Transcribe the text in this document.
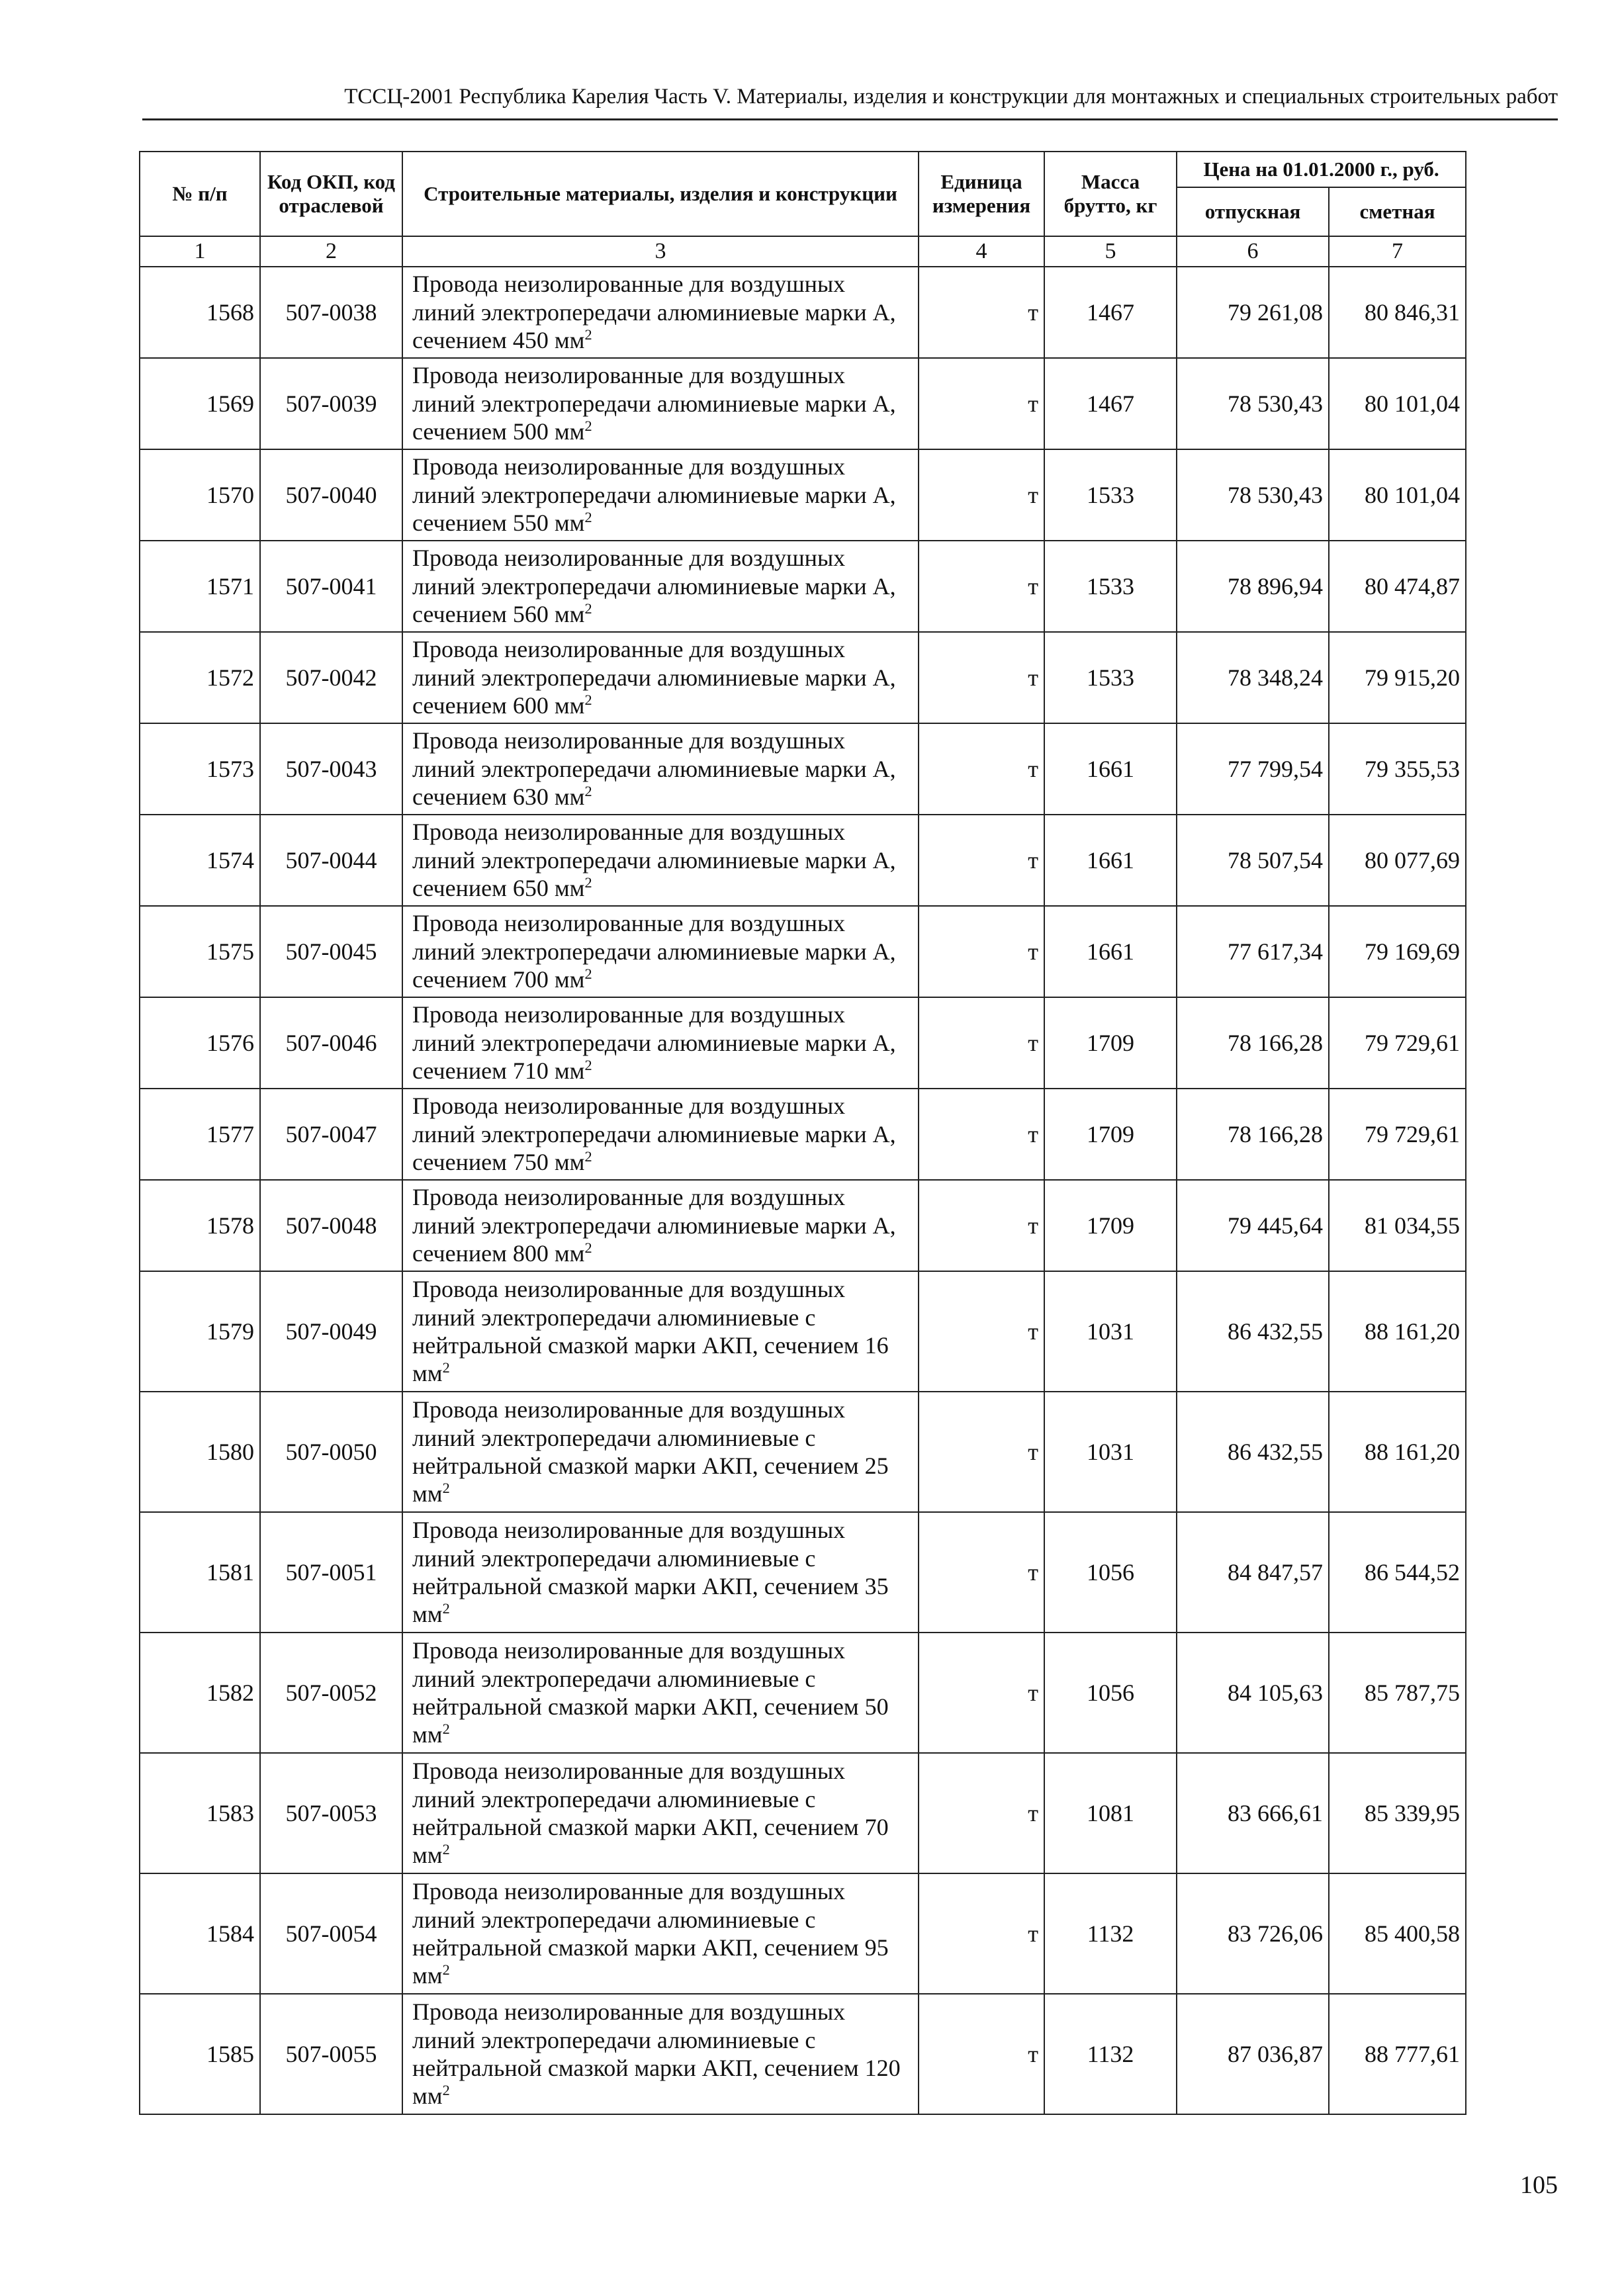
ТССЦ-2001 Республика Карелия Часть V. Материалы, изделия и конструкции для монтажных и специальных строительных работ
№ п/п	Код ОКП, код отраслевой	Строительные материалы, изделия и конструкции	Единица измерения	Масса брутто, кг	Цена на 01.01.2000 г., руб.	
					отпускная	сметная
1	2	3	4	5	6	7
1568	507-0038	Провода неизолированные для воздушных линий электропередачи алюминиевые марки А, сечением 450 $мм^2$	т	1467	79 261,08	80 846,31
1569	507-0039	Провода неизолированные для воздушных линий электропередачи алюминиевые марки А, сечением 500 $мм^2$	т	1467	78 530,43	80 101,04
1570	507-0040	Провода неизолированные для воздушных линий электропередачи алюминиевые марки А, сечением 550 $мм^2$	т	1533	78 530,43	80 101,04
1571	507-0041	Провода неизолированные для воздушных линий электропередачи алюминиевые марки А, сечением 560 $мм^2$	т	1533	78 896,94	80 474,87
1572	507-0042	Провода неизолированные для воздушных линий электропередачи алюминиевые марки А, сечением 600 $мм^2$	т	1533	78 348,24	79 915,20
1573	507-0043	Провода неизолированные для воздушных линий электропередачи алюминиевые марки А, сечением 630 $мм^2$	т	1661	77 799,54	79 355,53
1574	507-0044	Провода неизолированные для воздушных линий электропередачи алюминиевые марки А, сечением 650 $мм^2$	т	1661	78 507,54	80 077,69
1575	507-0045	Провода неизолированные для воздушных линий электропередачи алюминиевые марки А, сечением 700 $мм^2$	т	1661	77 617,34	79 169,69
1576	507-0046	Провода неизолированные для воздушных линий электропередачи алюминиевые марки А, сечением 710 $мм^2$	т	1709	78 166,28	79 729,61
1577	507-0047	Провода неизолированные для воздушных линий электропередачи алюминиевые марки А, сечением 750 $мм^2$	т	1709	78 166,28	79 729,61
1578	507-0048	Провода неизолированные для воздушных линий электропередачи алюминиевые марки А, сечением 800 $мм^2$	т	1709	79 445,64	81 034,55
1579	507-0049	Провода неизолированные для воздушных линий электропередачи алюминиевые с нейтральной смазкой марки АКП, сечением 16 $мм^2$	т	1031	86 432,55	88 161,20
1580	507-0050	Провода неизолированные для воздушных линий электропередачи алюминиевые с нейтральной смазкой марки АКП, сечением 25 $мм^2$	т	1031	86 432,55	88 161,20
1581	507-0051	Провода неизолированные для воздушных линий электропередачи алюминиевые с нейтральной смазкой марки АКП, сечением 35 $мм^2$	т	1056	84 847,57	86 544,52
1582	507-0052	Провода неизолированные для воздушных линий электропередачи алюминиевые с нейтральной смазкой марки АКП, сечением 50 $мм^2$	т	1056	84 105,63	85 787,75
1583	507-0053	Провода неизолированные для воздушных линий электропередачи алюминиевые с нейтральной смазкой марки АКП, сечением 70 $мм^2$	т	1081	83 666,61	85 339,95
1584	507-0054	Провода неизолированные для воздушных линий электропередачи алюминиевые с нейтральной смазкой марки АКП, сечением 95 $мм^2$	т	1132	83 726,06	85 400,58
1585	507-0055	Провода неизолированные для воздушных линий электропередачи алюминиевые с нейтральной смазкой марки АКП, сечением 120 $мм^2$	т	1132	87 036,87	88 777,61
105
